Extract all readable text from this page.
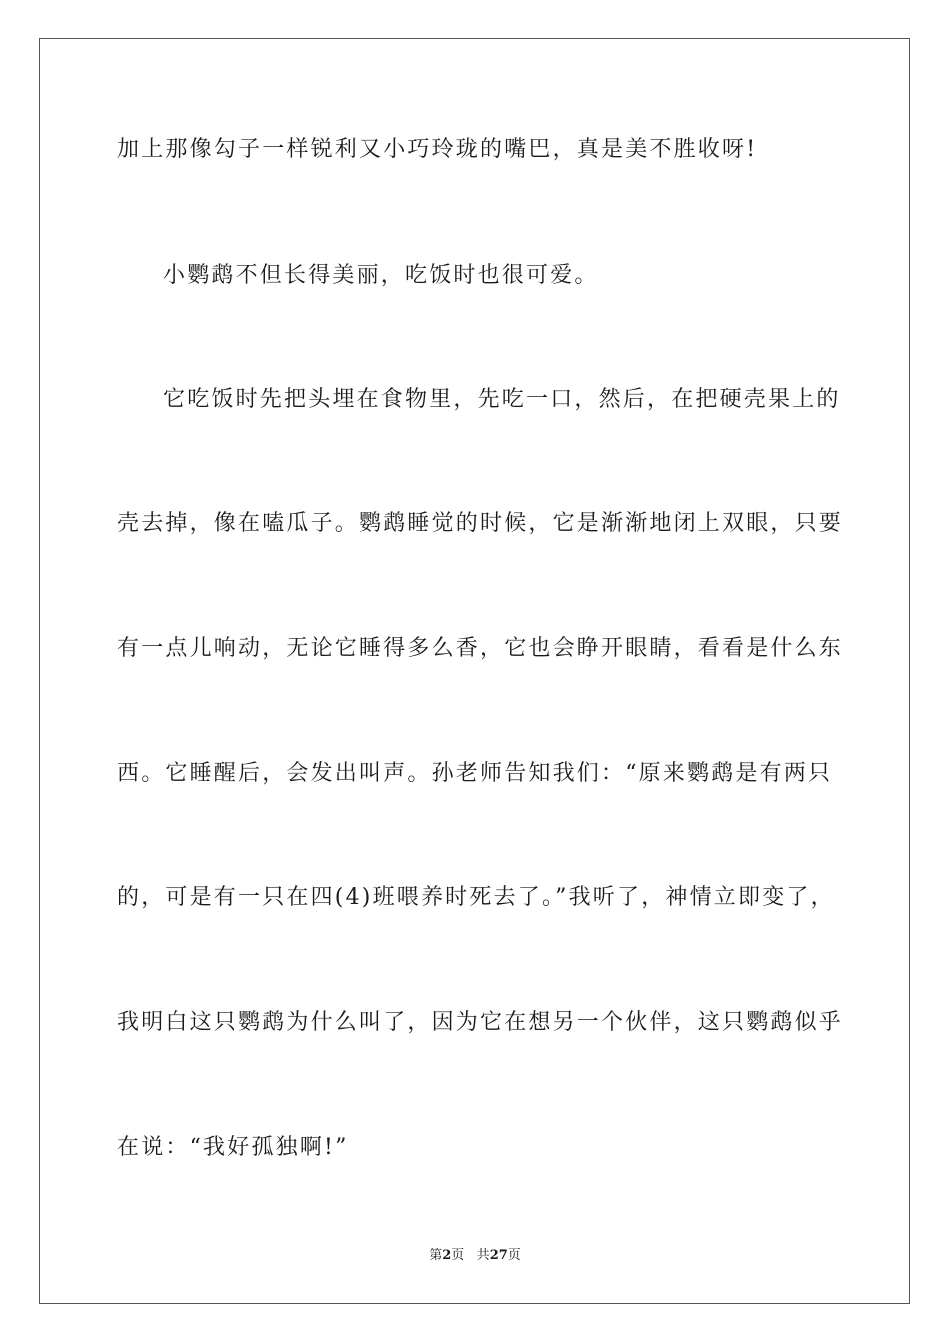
加上那像勾子一样锐利又小巧玲珑的嘴巴，真是美不胜收呀!
小鹦鹉不但长得美丽，吃饭时也很可爱。
它吃饭时先把头埋在食物里，先吃一口，然后，在把硬壳果上的
壳去掉，像在嗑瓜子。鹦鹉睡觉的时候，它是渐渐地闭上双眼，只要
有一点儿响动，无论它睡得多么香，它也会睁开眼睛，看看是什么东
西。它睡醒后，会发出叫声。孙老师告知我们：“原来鹦鹉是有两只
的，可是有一只在四(4)班喂养时死去了。”我听了，神情立即变了，
我明白这只鹦鹉为什么叫了，因为它在想另一个伙伴，这只鹦鹉似乎
在说：“我好孤独啊!”
第2页 共27页
